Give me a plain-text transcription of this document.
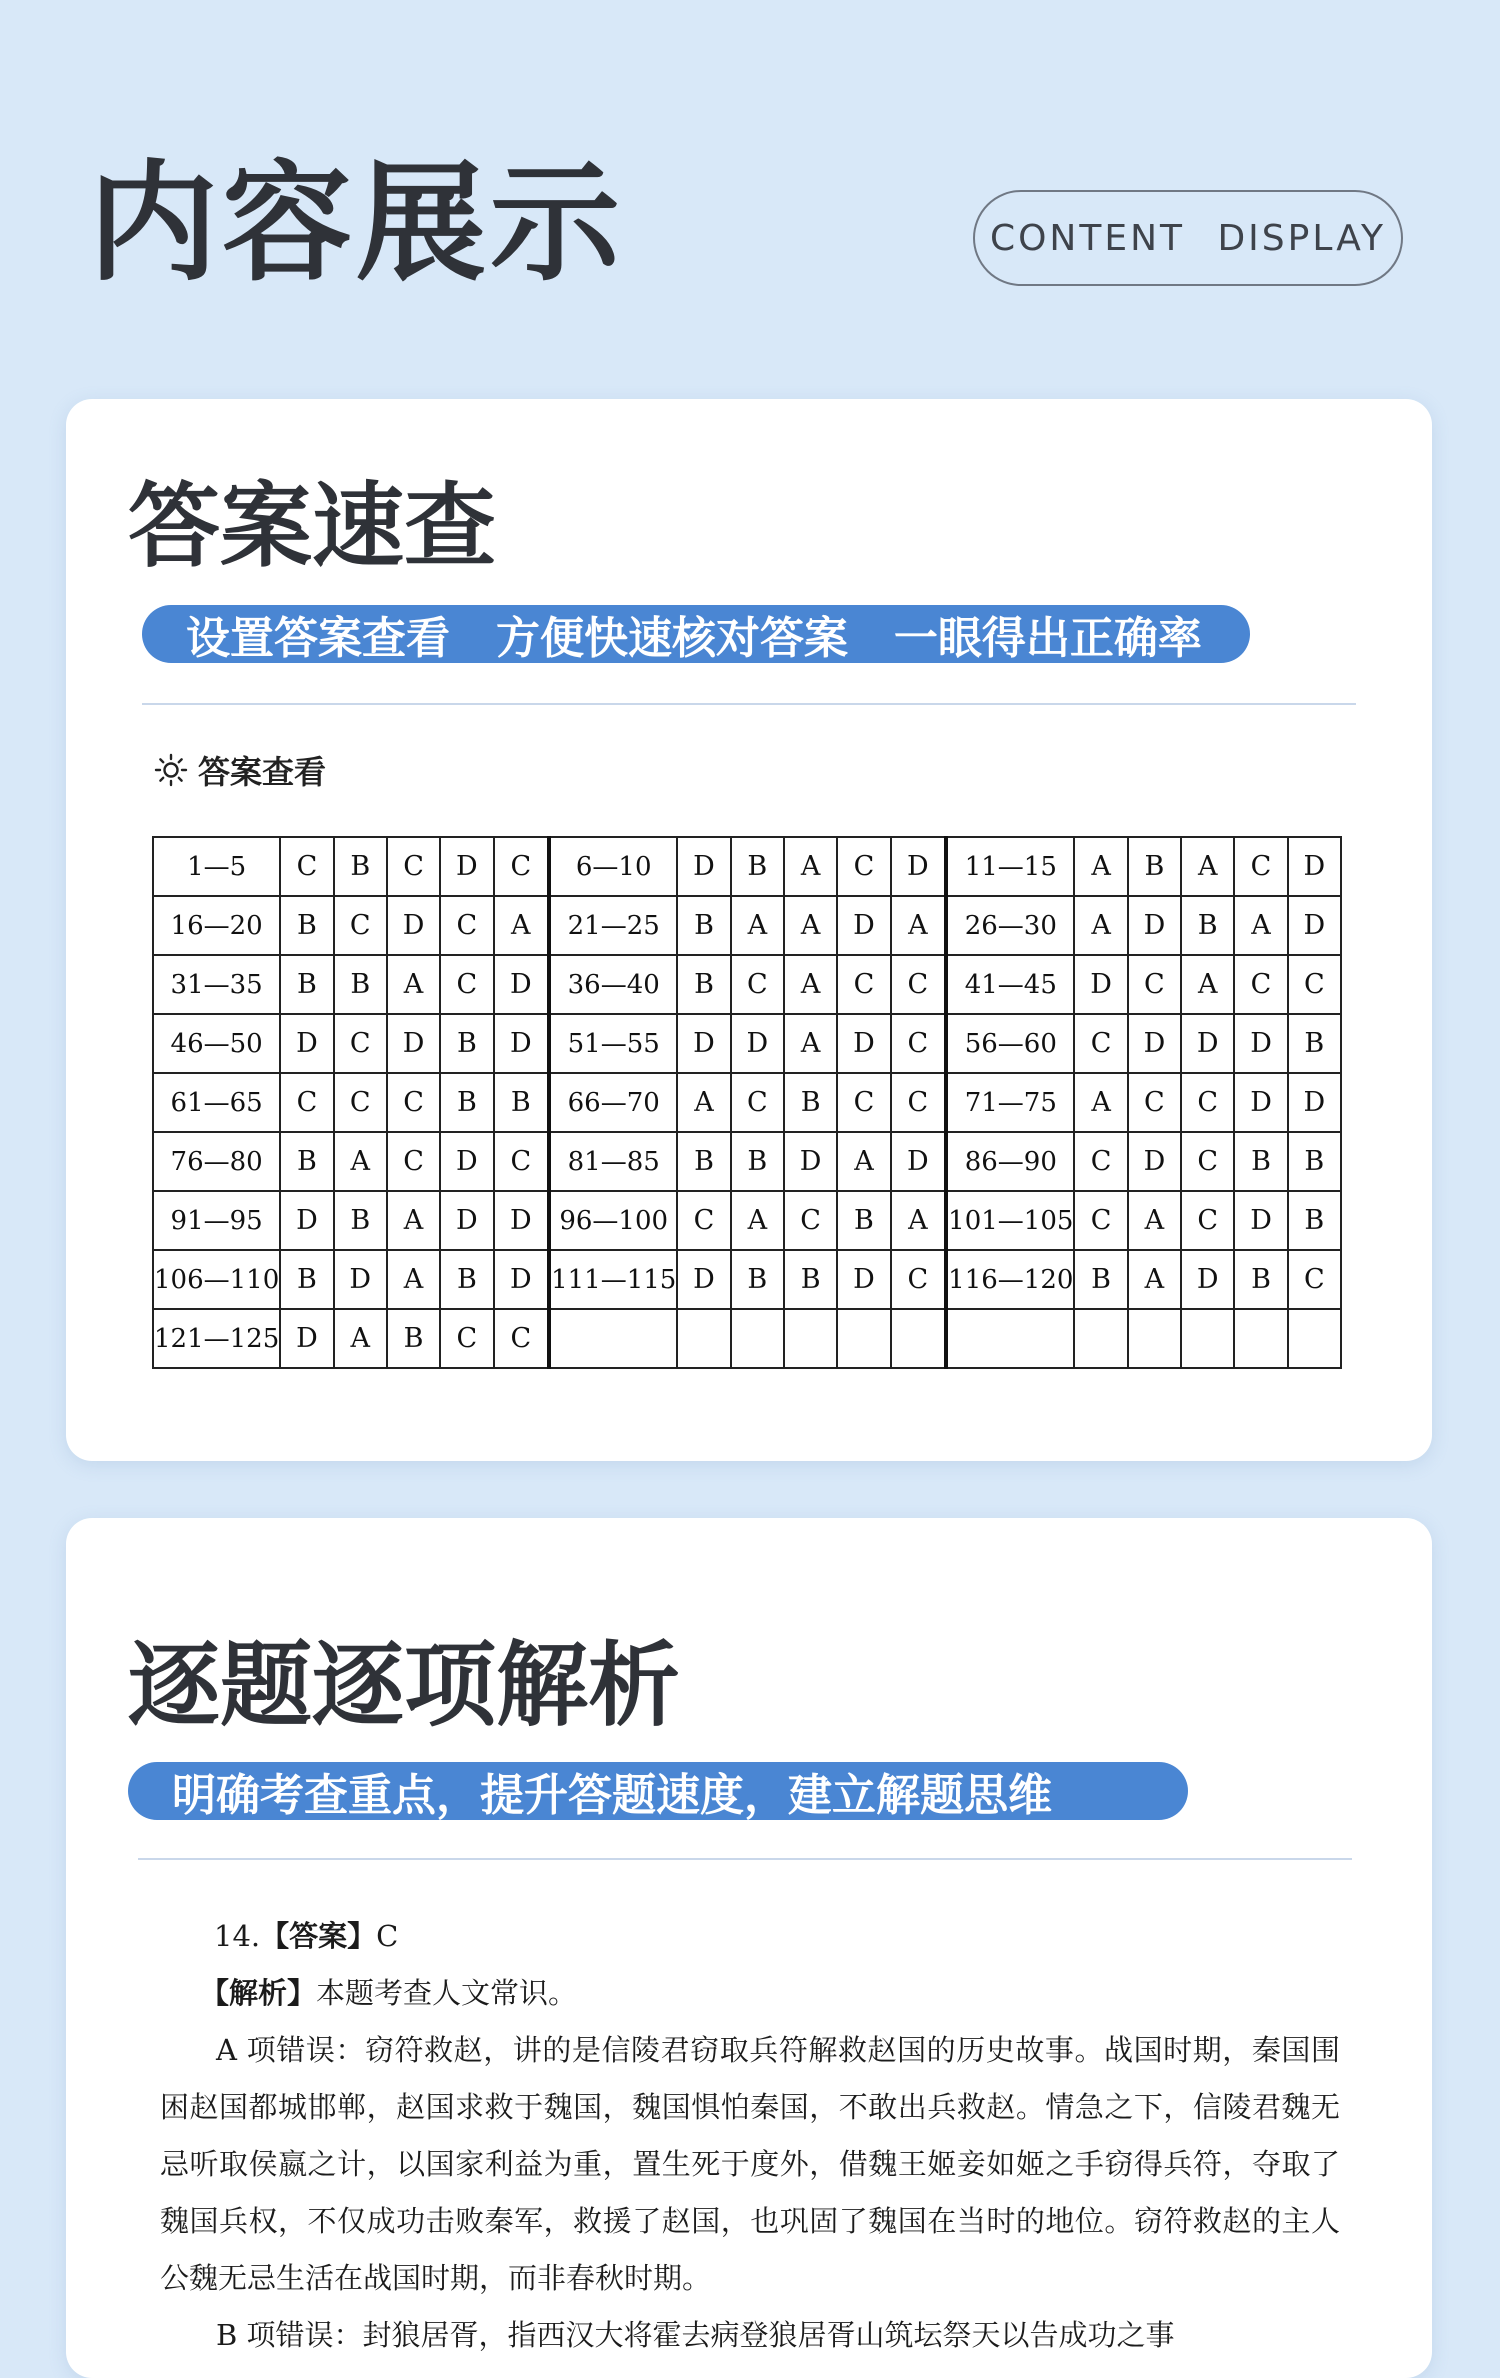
内容展示	CONTENT DISPLAY
答案速查
设置答案查看   方便快速核对答案   一眼得出正确率
答案查看
1—5	C	B	C	D	C	6—10	D	B	A	C	D	11—15	A	B	A	C	D
16—20	B	C	D	C	A	21—25	B	A	A	D	A	26—30	A	D	B	A	D
31—35	B	B	A	C	D	36—40	B	C	A	C	C	41—45	D	C	A	C	C
46—50	D	C	D	B	D	51—55	D	D	A	D	C	56—60	C	D	D	D	B
61—65	C	C	C	B	B	66—70	A	C	B	C	C	71—75	A	C	C	D	D
76—80	B	A	C	D	C	81—85	B	B	D	A	D	86—90	C	D	C	B	B
91—95	D	B	A	D	D	96—100	C	A	C	B	A	101—105	C	A	C	D	B
106—110	B	D	A	B	D	111—115	D	B	B	D	C	116—120	B	A	D	B	C
121—125	D	A	B	C	C												
逐题逐项解析
明确考查重点，提升答题速度，建立解题思维

14.【答案】C

【解析】本题考查人文常识。

A 项错误：窃符救赵，讲的是信陵君窃取兵符解救赵国的历史故事。战国时期，秦国围困赵国都城邯郸，赵国求救于魏国，魏国惧怕秦国，不敢出兵救赵。情急之下，信陵君魏无忌听取侯嬴之计，以国家利益为重，置生死于度外，借魏王姬妾如姬之手窃得兵符，夺取了魏国兵权，不仅成功击败秦军，救援了赵国，也巩固了魏国在当时的地位。窃符救赵的主人公魏无忌生活在战国时期，而非春秋时期。

B 项错误：封狼居胥，指西汉大将霍去病登狼居胥山筑坛祭天以告成功之事
